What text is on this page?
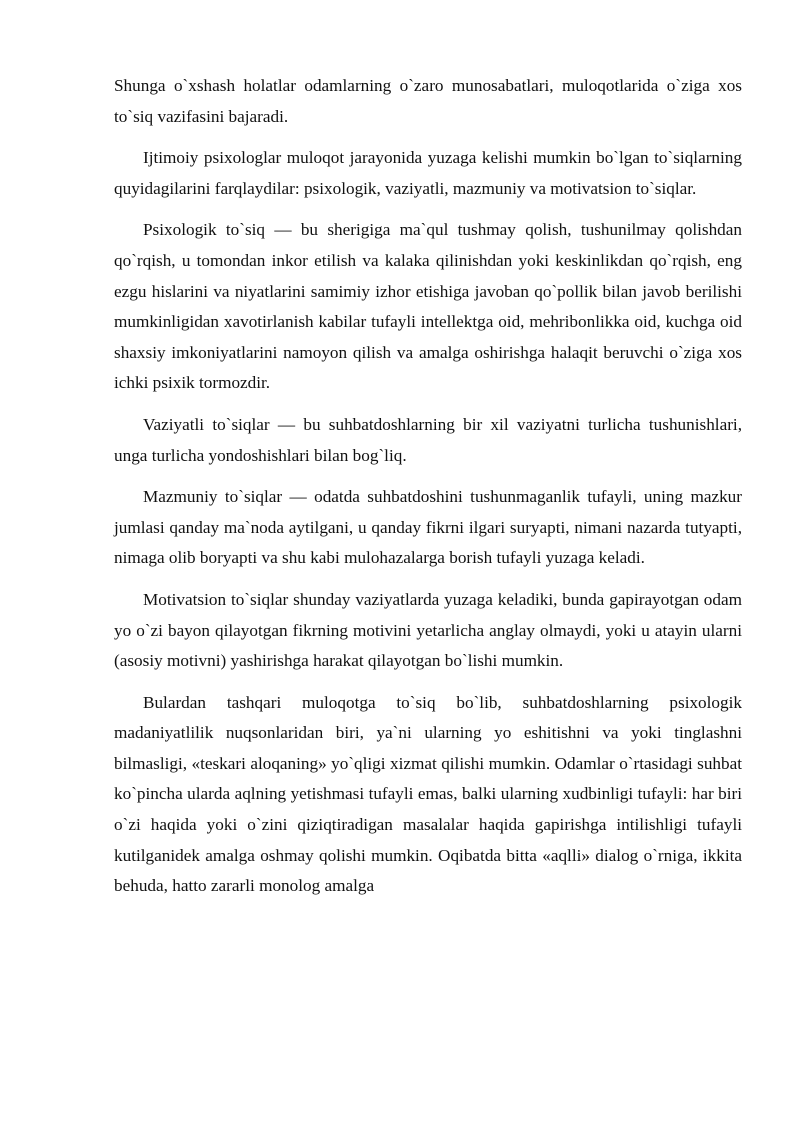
Shunga o`xshash holatlar odamlarning o`zaro munosabatlari, muloqotlarida o`ziga xos to`siq vazifasini bajaradi.

Ijtimoiy psixologlar muloqot jarayonida yuzaga kelishi mumkin bo`lgan to`siqlarning quyidagilarini farqlaydilar: psixologik, vaziyatli, mazmuniy va motivatsion to`siqlar.

Psixologik to`siq — bu sherigiga ma`qul tushmay qolish, tushunilmay qolishdan qo`rqish, u tomondan inkor etilish va kalaka qilinishdan yoki keskinlikdan qo`rqish, eng ezgu hislarini va niyatlarini samimiy izhor etishiga javoban qo`pollik bilan javob berilishi mumkinligidan xavotirlanish kabilar tufayli intellektga oid, mehribonlikka oid, kuchga oid shaxsiy imkoniyatlarini namoyon qilish va amalga oshirishga halaqit beruvchi o`ziga xos ichki psixik tormozdir.

Vaziyatli to`siqlar — bu suhbatdoshlarning bir xil vaziyatni turlicha tushunishlari, unga turlicha yondoshishlari bilan bog`liq.

Mazmuniy to`siqlar — odatda suhbatdoshini tushunmaganlik tufayli, uning mazkur jumlasi qanday ma`noda aytilgani, u qanday fikrni ilgari suryapti, nimani nazarda tutyapti, nimaga olib boryapti va shu kabi mulohazalarga borish tufayli yuzaga keladi.

Motivatsion to`siqlar shunday vaziyatlarda yuzaga keladiki, bunda gapirayotgan odam yo o`zi bayon qilayotgan fikrning motivini yetarlicha anglay olmaydi, yoki u atayin ularni (asosiy motivni) yashirishga harakat qilayotgan bo`lishi mumkin.

Bulardan tashqari muloqotga to`siq bo`lib, suhbatdoshlarning psixologik madaniyatlilik nuqsonlaridan biri, ya`ni ularning yo eshitishni va yoki tinglashni bilmasligi, «teskari aloqaning» yo`qligi xizmat qilishi mumkin. Odamlar o`rtasidagi suhbat ko`pincha ularda aqlning yetishmasi tufayli emas, balki ularning xudbinligi tufayli: har biri o`zi haqida yoki o`zini qiziqtiradigan masalalar haqida gapirishga intilishligi tufayli kutilganidek amalga oshmay qolishi mumkin. Oqibatda bitta «aqlli» dialog o`rniga, ikkita behuda, hatto zararli monolog amalga
